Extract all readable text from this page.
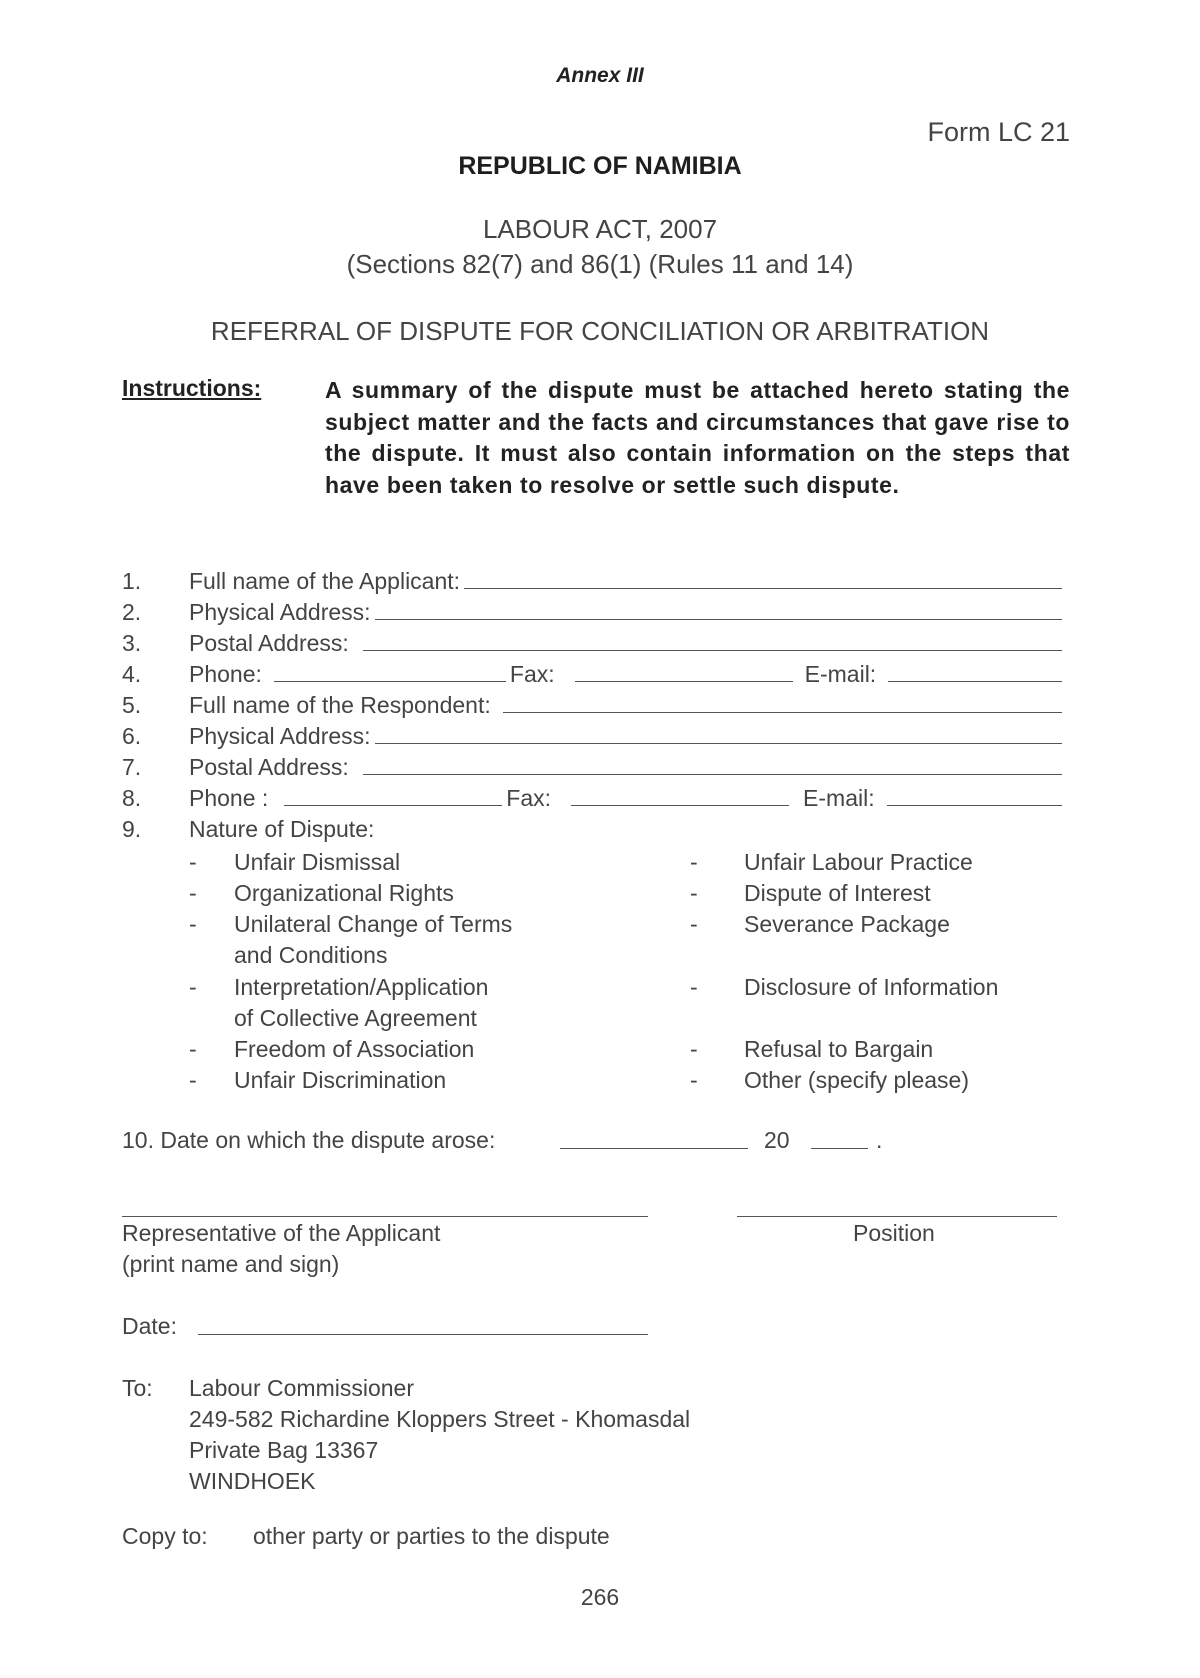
Annex III
Form LC 21
REPUBLIC OF NAMIBIA
LABOUR ACT, 2007
(Sections 82(7) and 86(1) (Rules 11 and 14)
REFERRAL OF DISPUTE FOR CONCILIATION OR ARBITRATION
Instructions:	A summary of the dispute must be attached hereto stating the subject matter and the facts and circumstances that gave rise to the dispute. It must also contain information on the steps that have been taken to resolve or settle such dispute.
1.	Full name of the Applicant:
2.	Physical Address:
3.	Postal Address:
4.	Phone:	Fax:	E-mail:
5.	Full name of the Respondent:
6.	Physical Address:
7.	Postal Address:
8.	Phone :	Fax:	E-mail:
9.	Nature of Dispute:
- Unfair Dismissal
- Organizational Rights
- Unilateral Change of Terms
and Conditions
- Interpretation/Application
of Collective Agreement
- Freedom of Association
- Unfair Discrimination
- Unfair Labour Practice
- Dispute of Interest
- Severance Package
- Disclosure of Information
- Refusal to Bargain
- Other (specify please)
10. Date on which the dispute arose:	20	.
Representative of the Applicant
(print name and sign)
Position
Date:
To: Labour Commissioner
249-582 Richardine Kloppers Street - Khomasdal
Private Bag 13367
WINDHOEK
Copy to: other party or parties to the dispute
266
